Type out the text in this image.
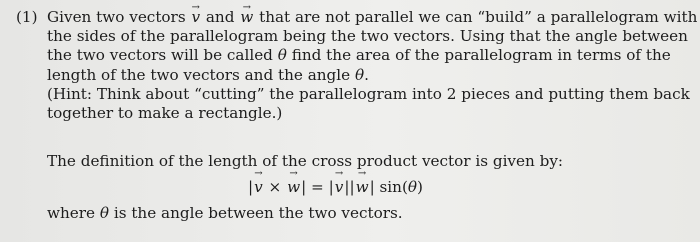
(1) Given two vectors v → and w → that are not parallel we can “build” a parallelogram with
the sides of the parallelogram being the two vectors. Using that the angle between
the two vectors will be called θ find the area of the parallelogram in terms of the
length of the two vectors and the angle θ.
(Hint: Think about “cutting” the parallelogram into 2 pieces and putting them back
together to make a rectangle.)
The definition of the length of the cross product vector is given by:
|v → × w →| = |v →||w →| sin(θ)
where θ is the angle between the two vectors.
